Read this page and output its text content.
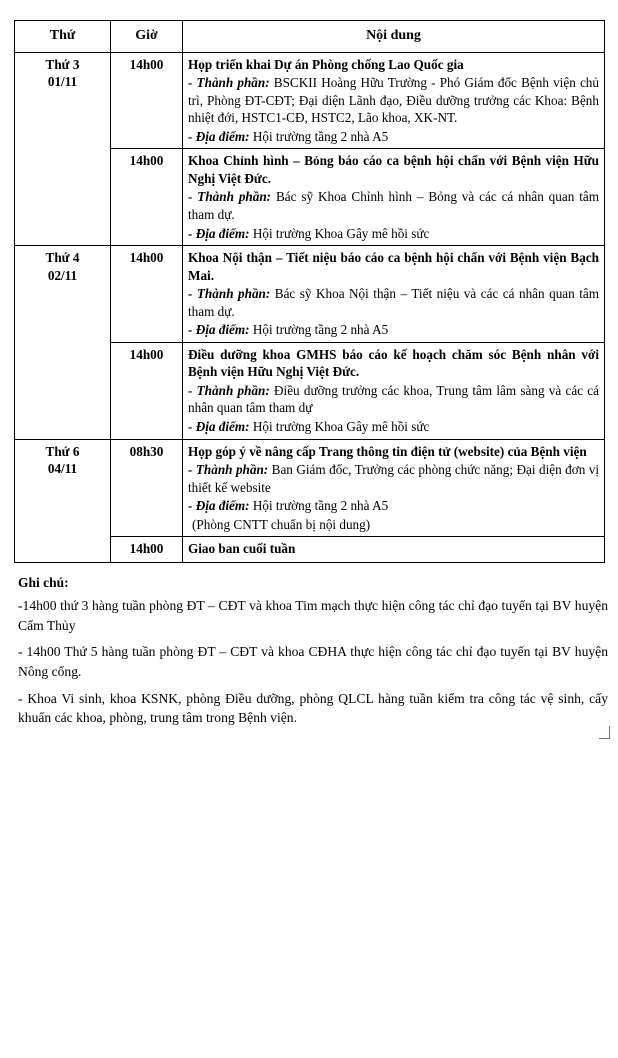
Thứ	Giờ	Nội dung
Thứ 3
01/11	14h00	Họp triển khai Dự án Phòng chống Lao Quốc gia
- Thành phần: BSCKII Hoàng Hữu Trường - Phó Giám đốc Bệnh viện chủ trì, Phòng ĐT-CĐT; Đại diện Lãnh đạo, Điều dưỡng trưởng các Khoa: Bệnh nhiệt đới, HSTC1-CĐ, HSTC2, Lão khoa, XK-NT.
- Địa điểm: Hội trường tầng 2 nhà A5

	14h00	Khoa Chỉnh hình – Bỏng báo cáo ca bệnh hội chẩn với Bệnh viện Hữu Nghị Việt Đức.
- Thành phần: Bác sỹ Khoa Chỉnh hình – Bỏng và các cá nhân quan tâm tham dự.
- Địa điểm: Hội trường Khoa Gây mê hồi sức

Thứ 4
02/11	14h00	Khoa Nội thận – Tiết niệu báo cáo ca bệnh hội chẩn với Bệnh viện Bạch Mai.
- Thành phần: Bác sỹ Khoa Nội thận – Tiết niệu và các cá nhân quan tâm tham dự.
- Địa điểm: Hội trường tầng 2 nhà A5

	14h00	Điều dưỡng khoa GMHS báo cáo kế hoạch chăm sóc Bệnh nhân với Bệnh viện Hữu Nghị Việt Đức.
- Thành phần: Điều dưỡng trưởng các khoa, Trung tâm lâm sàng và các cá nhân quan tâm tham dự
- Địa điểm: Hội trường Khoa Gây mê hồi sức

Thứ 6
04/11	08h30	Họp góp ý về nâng cấp Trang thông tin điện tử (website) của Bệnh viện
- Thành phần: Ban Giám đốc, Trưởng các phòng chức năng; Đại diện đơn vị thiết kế website
- Địa điểm: Hội trường tầng 2 nhà A5
(Phòng CNTT chuẩn bị nội dung)

	14h00	Giao ban cuối tuần
Ghi chú:
-14h00 thứ 3 hàng tuần phòng ĐT – CĐT và khoa Tim mạch thực hiện công tác chỉ đạo tuyến tại BV huyện Cẩm Thủy
- 14h00 Thứ 5 hàng tuần phòng ĐT – CĐT và khoa CĐHA thực hiện công tác chỉ đạo tuyến tại BV huyện Nông cống.
- Khoa Vi sinh, khoa KSNK, phòng Điều dưỡng, phòng QLCL hàng tuần kiểm tra công tác vệ sinh, cấy khuẩn các khoa, phòng, trung tâm trong Bệnh viện.
